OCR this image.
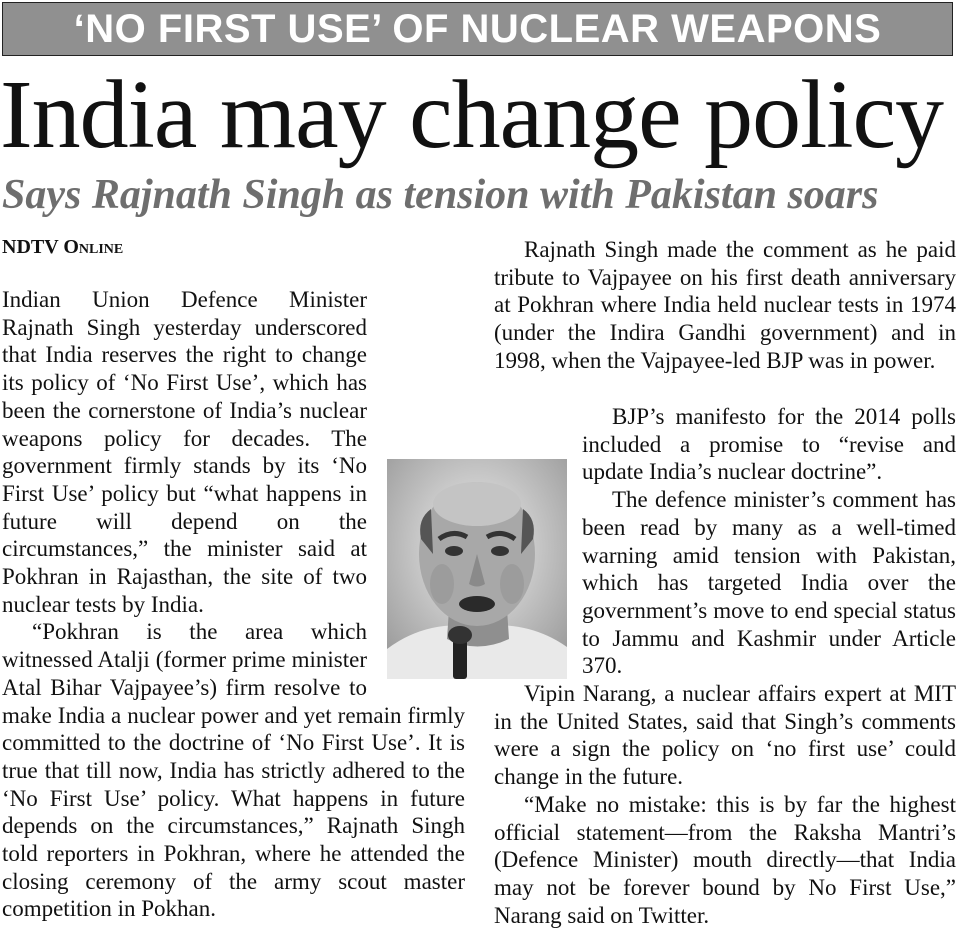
‘NO FIRST USE’ OF NUCLEAR WEAPONS
India may change policy
Says Rajnath Singh as tension with Pakistan soars
NDTV Online

Indian Union Defence Minister Rajnath Singh yesterday underscored that India reserves the right to change its policy of ‘No First Use’, which has been the cornerstone of India’s nuclear weapons policy for decades. The government firmly stands by its ‘No First Use’ policy but “what happens in future will depend on the circumstances,” the minister said at Pokhran in Rajasthan, the site of two nuclear tests by India.

“Pokhran is the area which witnessed Atalji (former prime minister Atal Bihar Vajpayee’s) firm resolve to make India a nuclear power and yet remain firmly committed to the doctrine of ‘No First Use’. It is true that till now, India has strictly adhered to the ‘No First Use’ policy. What happens in future depends on the circumstances,” Rajnath Singh told reporters in Pokhran, where he attended the closing ceremony of the army scout master competition in Pokhan.

Rajnath Singh made the comment as he paid tribute to Vajpayee on his first death anniversary at Pokhran where India held nuclear tests in 1974 (under the Indira Gandhi government) and in 1998, when the Vajpayee-led BJP was in power.

BJP’s manifesto for the 2014 polls included a promise to “revise and update India’s nuclear doctrine”.

The defence minister’s comment has been read by many as a well-timed warning amid tension with Pakistan, which has targeted India over the government’s move to end special status to Jammu and Kashmir under Article 370.

Vipin Narang, a nuclear affairs expert at MIT in the United States, said that Singh’s comments were a sign the policy on ‘no first use’ could change in the future.

“Make no mistake: this is by far the highest official statement—from the Raksha Mantri’s (Defence Minister) mouth directly—that India may not be forever bound by No First Use,” Narang said on Twitter.
